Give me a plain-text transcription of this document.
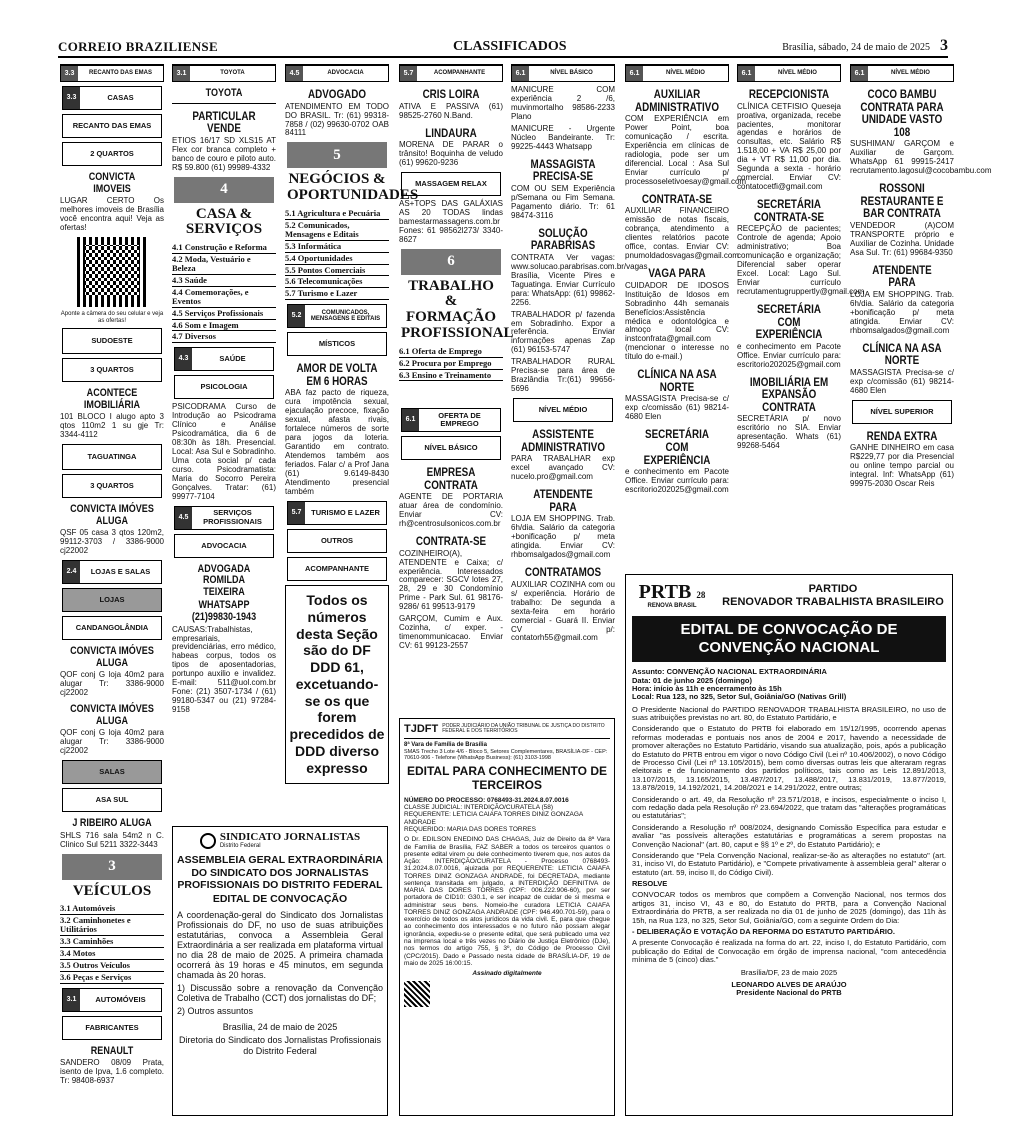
CORREIO BRAZILIENSE	CLASSIFICADOS	Brasília, sábado, 24 de maio de 2025 3
3.3	RECANTO DAS EMAS
3.3	CASAS
RECANTO DAS EMAS
2 QUARTOS
CONVICTA IMOVEIS
LUGAR CERTO Os melhores imoveis de Brasília você encontra aqui! Veja as ofertas!
Aponte a câmera do seu celular e veja as ofertas!
SUDOESTE
3 QUARTOS
ACONTECE IMOBILIÁRIA
101 BLOCO I alugo apto 3 qtos 110m2 1 su gje Tr: 3344-4112
TAGUATINGA
3 QUARTOS
CONVICTA IMÓVES ALUGA
QSF 05 casa 3 qtos 120m2, 99112-3703 / 3386-9000 cj22002
2.4	LOJAS E SALAS
LOJAS
CANDANGOLÂNDIA
CONVICTA IMÓVES ALUGA
QOF conj G loja 40m2 para alugar Tr: 3386-9000 cj22002
CONVICTA IMÓVES ALUGA
QOF conj G loja 40m2 para alugar Tr: 3386-9000 cj22002
SALAS
ASA SUL
J RIBEIRO ALUGA
SHLS 716 sala 54m2 n C. Clinico Sul 5211 3322-3443
3
VEÍCULOS
3.1 Automóveis
3.2 Caminhonetes e Utilitários
3.3 Caminhões
3.4 Motos
3.5 Outros Veículos
3.6 Peças e Serviços
3.1	AUTOMÓVEIS
FABRICANTES
RENAULT
SANDERO 08/09 Prata, isento de Ipva, 1.6 completo. Tr: 98408-6937
3.1	TOYOTA
TOYOTA
PARTICULAR VENDE
ETIOS 16/17 SD XLS15 AT Flex cor branca completo + banco de couro e piloto auto. R$ 59.800 (61) 99989-4332
4
CASA & SERVIÇOS
4.1 Construção e Reforma
4.2 Moda, Vestuário e Beleza
4.3 Saúde
4.4 Comemorações, e Eventos
4.5 Serviços Profissionais
4.6 Som e Imagem
4.7 Diversos
4.3	SAÚDE
PSICOLOGIA
PSICODRAMA Curso de Introdução ao Psicodrama Clínico e Análise Psicodramática, dia 6 de 08:30h às 18h. Presencial. Local: Asa Sul e Sobradinho. Uma cota social p/ cada curso. Psicodramatista: Maria do Socorro Pereira Gonçalves. Tratar: (61) 99977-7104
4.5	SERVIÇOS PROFISSIONAIS
ADVOCACIA
ADVOGADA ROMILDA TEIXEIRA
WHATSAPP (21)99830-1943
CAUSAS:Trabalhistas, empresariais, previdenciárias, erro médico, habeas corpus, todos os tipos de aposentadorias, portunpo auxilio e invalidez. E-mail: 511@uol.com.br Fone: (21) 3507-1734 / (61) 99180-5347 ou (21) 97284-9158
4.5	ADVOCACIA
ADVOGADO
ATENDIMENTO EM TODO DO BRASIL. Tr: (61) 99318-7858 / (02) 99630-0702 OAB 84111
5
NEGÓCIOS & OPORTUNIDADES
5.1 Agricultura e Pecuária
5.2 Comunicados, Mensagens e Editais
5.3 Informática
5.4 Oportunidades
5.5 Pontos Comerciais
5.6 Telecomunicações
5.7 Turismo e Lazer
5.2	COMUNICADOS, MENSAGENS E EDITAIS
MÍSTICOS
AMOR DE VOLTA EM 6 HORAS
ABA faz pacto de riqueza, cura impotência sexual, ejaculação precoce, fixação sexual, afasta rivais, fortalece números de sorte para jogos da loteria. Garantido em contrato. Atendemos também aos feriados. Falar c/ a Prof Jana (61) 9.6149-8430 Atendimento presencial também
5.7	TURISMO E LAZER
OUTROS
ACOMPANHANTE
Todos os números desta Seção são do DF DDD 61, excetuando-se os que forem precedidos de DDD diverso expresso
5.7	ACOMPANHANTE
CRIS LOIRA
ATIVA E PASSIVA (61) 98525-2760 N.Band.
LINDAURA
MORENA DE PARAR o trânsito! Boquinha de veludo (61) 99620-9236
MASSAGEM RELAX
AS+TOPS DAS GALÁXIAS AS 20 TODAS lindas bamestarmassagens.com.br Fones: 61 98562l273/ 3340-8627
6
TRABALHO & FORMAÇÃO PROFISSIONAL
6.1 Oferta de Emprego
6.2 Procura por Emprego
6.3 Ensino e Treinamento
6.1	OFERTA DE EMPREGO
NÍVEL BÁSICO
EMPRESA CONTRATA
AGENTE DE PORTARIA atuar área de condomínio. Enviar CV: rh@centrosulsonicos.com.br
CONTRATA-SE
COZINHEIRO(A), ATENDENTE e Caixa; c/ experiência. Interessados comparecer: SGCV lotes 27, 28, 29 e 30 Condomínio Prime - Park Sul. 61 98176-9286/ 61 99513-9179
GARÇOM, Cumim e Aux. Cozinha, c/ exper. - timenommunicacao. Enviar CV: 61 99123-2557
6.1	NÍVEL BÁSICO
MANICURE COM experiência 2 /6, muvinmortalho 98586-2233 Plano
MANICURE - Urgente Núcleo Bandeirante. Tr: 99225-4443 Whatsapp
MASSAGISTA PRECISA-SE
COM OU SEM Experiência p/Semana ou Fim Semana. Pagamento diário. Tr: 61 98474-3116
SOLUÇÃO PARABRISAS
CONTRATA Ver vagas: www.solucao.parabrisas.com.br/vagas Brasília, Vicente Pires e Taguatinga. Enviar Currículo para: WhatsApp: (61) 99862-2256.
TRABALHADOR p/ fazenda em Sobradinho. Expor a referência. Enviar informações apenas Zap (61) 96153-5747
TRABALHADOR RURAL Precisa-se para área de Brazlândia Tr:(61) 99656-5696
NÍVEL MÉDIO
ASSISTENTE ADMINISTRATIVO
PARA TRABALHAR exp excel avançado CV: nucelo.pro@gmail.com
ATENDENTE PARA
LOJA EM SHOPPING. Trab. 6h/dia. Salário da categoria +bonificação p/ meta atingida. Enviar CV: rhbomsalgados@gmail.com
CONTRATAMOS
AUXILIAR COZINHA com ou s/ experiência. Horário de trabalho: De segunda a sexta-feira em horário comercial - Guará II. Enviar CV p/: contatorh55@gmail.com
6.1	NÍVEL MÉDIO
AUXILIAR ADMINISTRATIVO
COM EXPERIÊNCIA em Power Point, boa comunicação / escrita. Experiência em clínicas de radiologia, pode ser um diferencial. Local : Asa Sul Enviar currículo p/ processoseletivoesay@gmail.com
CONTRATA-SE
AUXILIAR FINANCEIRO emissão de notas fiscais, cobrança, atendimento a clientes relatórios pacote office, contas. Enviar CV: pnumoldadosvagas@gmail.com
VAGA PARA
CUIDADOR DE IDOSOS Instituição de Idosos em Sobradinho 44h semanais Benefícios:Assistência médica e odontológica e almoço local CV: instconfrata@gmail.com (mencionar o interesse no título do e-mail.)
CLÍNICA NA ASA NORTE
MASSAGISTA Precisa-se c/ exp c/comissão (61) 98214-4680 Elen
SECRETÁRIA COM EXPERIÊNCIA
e conhecimento em Pacote Office. Enviar currículo para: escritorio202025@gmail.com
6.1	NÍVEL MÉDIO
RECEPCIONISTA
CLÍNICA CETFISIO Queseja proativa, organizada, recebe pacientes, monitorar agendas e horários de consultas, etc. Salário R$ 1.518,00 + VA R$ 25,00 por dia + VT R$ 11,00 por dia. Segunda a sexta - horário comercial. Enviar CV: contatocetfi@gmail.com
SECRETÁRIA CONTRATA-SE
RECEPÇÃO de pacientes; Controle de agenda; Apoio administrativo; Boa comunicação e organização; Diferencial saber operar Excel. Local: Lago Sul. Enviar currículo recrutamentugruppertly@gmail.com
SECRETÁRIA COM EXPERIÊNCIA
e conhecimento em Pacote Office. Enviar currículo para: escritorio202025@gmail.com
IMOBILIÁRIA EM EXPANSÃO CONTRATA
SECRETÁRIA p/ novo escritório no SIA. Enviar apresentação. Whats (61) 99268-5464
6.1	NÍVEL MÉDIO
COCO BAMBU CONTRATA PARA UNIDADE VASTO 108
SUSHIMAN/ GARÇOM e Auxiliar de Garçom. WhatsApp 61 99915-2417 recrutamento.lagosul@cocobambu.com
ROSSONI RESTAURANTE E BAR CONTRATA
VENDEDOR (A)COM TRANSPORTE próprio e Auxiliar de Cozinha. Unidade Asa Sul. Tr: (61) 99684-9350
ATENDENTE PARA
LOJA EM SHOPPING. Trab. 6h/dia. Salário da categoria +bonificação p/ meta atingida. Enviar CV: rhbomsalgados@gmail.com
CLÍNICA NA ASA NORTE
MASSAGISTA Precisa-se c/ exp c/comissão (61) 98214-4680 Elen
NÍVEL SUPERIOR
RENDA EXTRA
GANHE DINHEIRO em casa R$229,77 por dia Presencial ou online tempo parcial ou integral. Inf: WhatsApp (61) 99975-2030 Oscar Reis
SINDICATO JORNALISTAS
Distrito Federal
ASSEMBLEIA GERAL EXTRAORDINÁRIA DO SINDICATO DOS JORNALISTAS PROFISSIONAIS DO DISTRITO FEDERAL
EDITAL DE CONVOCAÇÃO
A coordenação-geral do Sindicato dos Jornalistas Profissionais do DF, no uso de suas atribuições estatutárias, convoca a Assembleia Geral Extraordinária a ser realizada em plataforma virtual no dia 28 de maio de 2025. A primeira chamada ocorrerá às 19 horas e 45 minutos, em segunda chamada às 20 horas.
1) Discussão sobre a renovação da Convenção Coletiva de Trabalho (CCT) dos jornalistas do DF;
2) Outros assuntos
Brasília, 24 de maio de 2025
Diretoria do Sindicato dos Jornalistas Profissionais do Distrito Federal
TJDFT PODER JUDICIÁRIO DA UNIÃO TRIBUNAL DE JUSTIÇA DO DISTRITO FEDERAL E DOS TERRITÓRIOS
8ª Vara de Família de Brasília
SMAS Trecho 3 Lote 4/6 - Bloco 5, Setores Complementares, BRASÍLIA-DF - CEP: 70610-906 - Telefone (WhatsApp Business): (61) 3103-1998
EDITAL PARA CONHECIMENTO DE TERCEIROS
NÚMERO DO PROCESSO: 0768493-31.2024.8.07.0016
CLASSE JUDICIAL: INTERDIÇÃO/CURATELA (58)
REQUERENTE: LETICIA CAIAFA TORRES DINIZ GONZAGA ANDRADE
REQUERIDO: MARIA DAS DORES TORRES
O Dr. EDILSON ENEDINO DAS CHAGAS, Juiz de Direito da 8ª Vara de Família de Brasília, FAZ SABER a todos os terceiros quantos o presente edital virem ou dele conhecimento tiverem que, nos autos da Ação: INTERDIÇÃO/CURATELA - Processo 0768493-31.2024.8.07.0016, ajuizada por REQUERENTE: LETICIA CAIAFA TORRES DINIZ GONZAGA ANDRADE, foi DECRETADA, mediante sentença transitada em julgado, a INTERDIÇÃO DEFINITIVA de MARIA DAS DORES TORRES (CPF: 006.222.906-60), por ser portadora de CID10: G30.1, e ser incapaz de cuidar de si mesma e administrar seus bens. Nomeio-lhe curadora LETICIA CAIAFA TORRES DINIZ GONZAGA ANDRADE (CPF: 946.490.701-59), para o exercício de todos os atos jurídicos da vida civil. E, para que chegue ao conhecimento dos interessados e no futuro não possam alegar ignorância, expediu-se o presente edital, que será publicado uma vez na imprensa local e três vezes no Diário de Justiça Eletrônico (DJe), nos termos do artigo 755, § 3º, do Código de Processo Civil (CPC/2015). Dado e Passado nesta cidade de BRASÍLIA-DF, 19 de maio de 2025 16:00:15.
Assinado digitalmente
PRTB 28
RENOVA BRASIL
PARTIDO
RENOVADOR TRABALHISTA BRASILEIRO
EDITAL DE CONVOCAÇÃO DE CONVENÇÃO NACIONAL
Assunto: CONVENÇÃO NACIONAL EXTRAORDINÁRIA
Data: 01 de junho 2025 (domingo)
Hora: início às 11h e encerramento às 15h
Local: Rua 123, no 325, Setor Sul, Goiânia/GO (Nativas Grill)
O Presidente Nacional do PARTIDO RENOVADOR TRABALHISTA BRASILEIRO, no uso de suas atribuições previstas no art. 80, do Estatuto Partidário, e
Considerando que o Estatuto do PRTB foi elaborado em 15/12/1995, ocorrendo apenas reformas moderadas e pontuais nos anos de 2004 e 2017, havendo a necessidade de promover alterações no Estatuto Partidário, visando sua atualização, pois, após a publicação do Estatuto do PRTB entrou em vigor o novo Código Civil (Lei nº 10.406/2002), o novo Código de Processo Civil (Lei nº 13.105/2015), bem como diversas outras leis que alteraram regras eleitorais e de funcionamento dos partidos políticos, tais como as Leis 12.891/2013, 13.107/2015, 13.165/2015, 13.487/2017, 13.488/2017, 13.831/2019, 13.877/2019, 13.878/2019, 14.192/2021, 14.208/2021 e 14.291/2022, entre outras;
Considerando o art. 49, da Resolução nº 23.571/2018, e incisos, especialmente o inciso I, com redação dada pela Resolução nº 23.694/2022, que tratam das "alterações programáticas ou estatutárias";
Considerando a Resolução nº 008/2024, designando Comissão Específica para estudar e avaliar "as possíveis alterações estatutárias e programáticas a serem propostas na Convenção Nacional" (art. 80, caput e §§ 1º e 2º, do Estatuto Partidário); e
Considerando que "Pela Convenção Nacional, realizar-se-ão as alterações no estatuto" (art. 31, inciso VI, do Estatuto Partidário), e "Compete privativamente à assembleia geral" alterar o estatuto (art. 59, inciso II, do Código Civil).
RESOLVE
CONVOCAR todos os membros que compõem a Convenção Nacional, nos termos dos artigos 31, inciso VI, 43 e 80, do Estatuto do PRTB, para a Convenção Nacional Extraordinária do PRTB, a ser realizada no dia 01 de junho de 2025 (domingo), das 11h às 15h, na Rua 123, no 325, Setor Sul, Goiânia/GO, com a seguinte Ordem do Dia:
- DELIBERAÇÃO E VOTAÇÃO DA REFORMA DO ESTATUTO PARTIDÁRIO.
A presente Convocação é realizada na forma do art. 22, inciso I, do Estatuto Partidário, com publicação do Edital de Convocação em órgão de imprensa nacional, "com antecedência mínima de 5 (cinco) dias."
Brasília/DF, 23 de maio 2025
LEONARDO ALVES DE ARAÚJO
Presidente Nacional do PRTB
